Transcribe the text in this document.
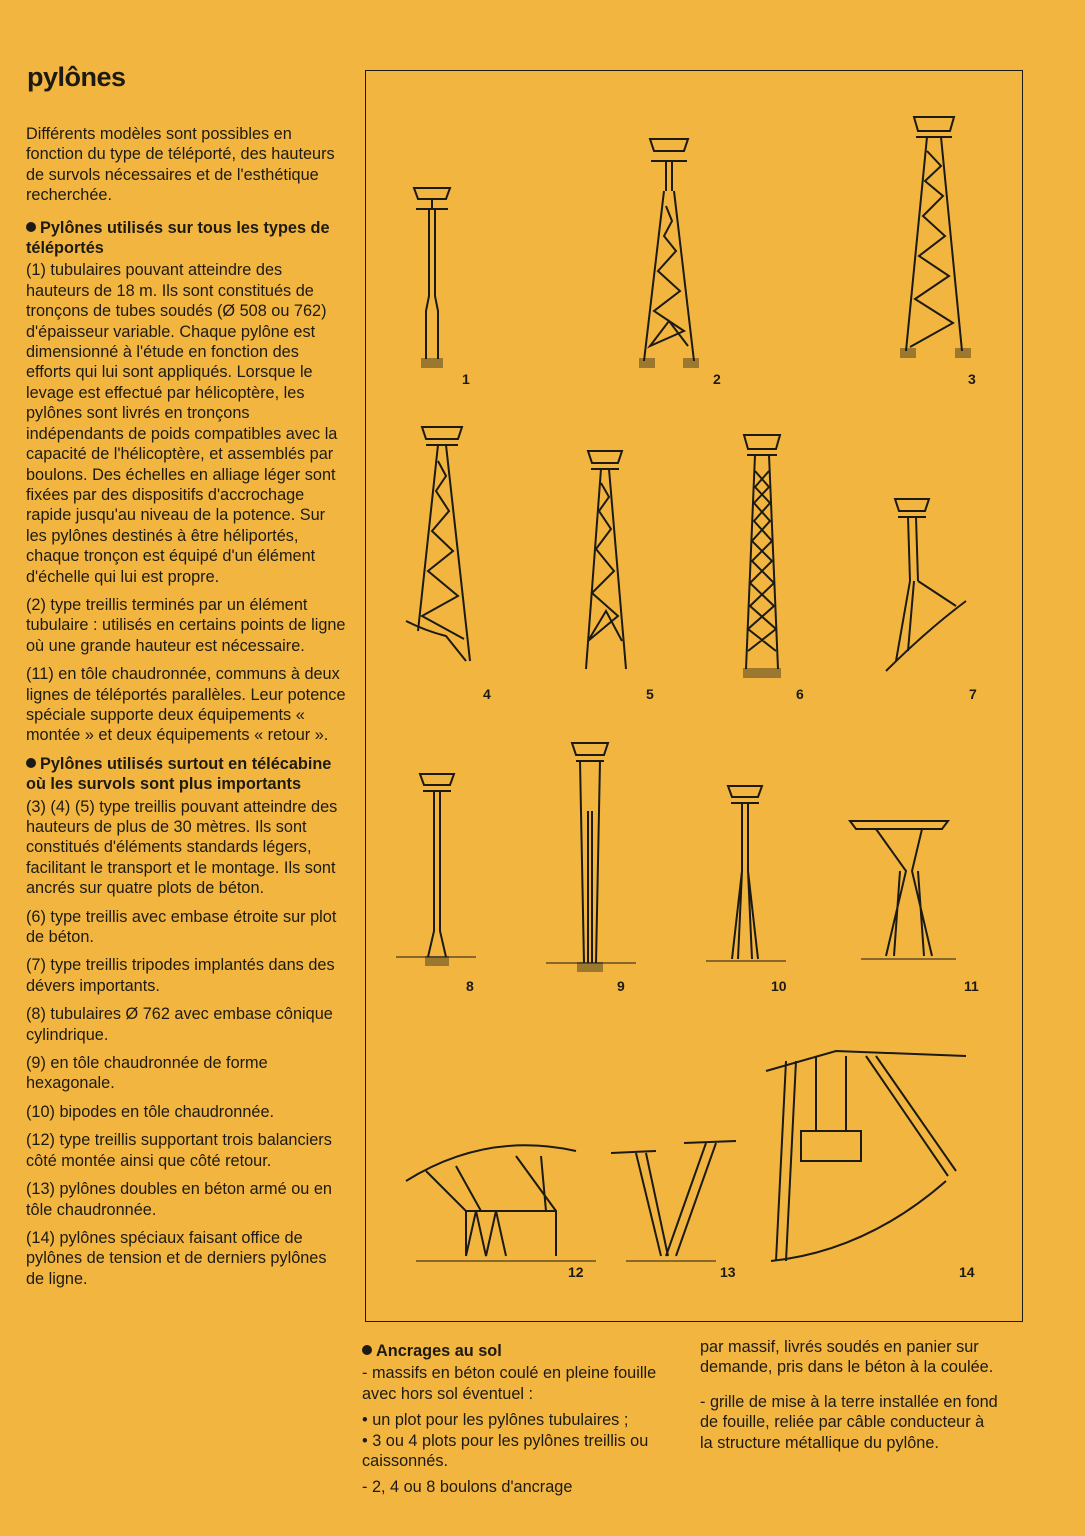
pylônes

Différents modèles sont possibles en fonction du type de téléporté, des hauteurs de survols nécessaires et de l'esthétique recherchée.

Pylônes utilisés sur tous les types de téléportés

(1) tubulaires pouvant atteindre des hauteurs de 18 m. Ils sont constitués de tronçons de tubes soudés (Ø 508 ou 762) d'épaisseur variable. Chaque pylône est dimensionné à l'étude en fonction des efforts qui lui sont appliqués. Lorsque le levage est effectué par hélicoptère, les pylônes sont livrés en tronçons indépendants de poids compatibles avec la capacité de l'hélicoptère, et assemblés par boulons. Des échelles en alliage léger sont fixées par des dispositifs d'accrochage rapide jusqu'au niveau de la potence. Sur les pylônes destinés à être héliportés, chaque tronçon est équipé d'un élément d'échelle qui lui est propre.

(2) type treillis terminés par un élément tubulaire : utilisés en certains points de ligne où une grande hauteur est nécessaire.

(11) en tôle chaudronnée, communs à deux lignes de téléportés parallèles. Leur potence spéciale supporte deux équipements « montée » et deux équipements « retour ».

Pylônes utilisés surtout en télécabine où les survols sont plus importants

(3) (4) (5) type treillis pouvant atteindre des hauteurs de plus de 30 mètres. Ils sont constitués d'éléments standards légers, facilitant le transport et le montage. Ils sont ancrés sur quatre plots de béton.

(6) type treillis avec embase étroite sur plot de béton.

(7) type treillis tripodes implantés dans des dévers importants.

(8) tubulaires Ø 762 avec embase cônique cylindrique.

(9) en tôle chaudronnée de forme hexagonale.

(10) bipodes en tôle chaudronnée.

(12) type treillis supportant trois balanciers côté montée ainsi que côté retour.

(13) pylônes doubles en béton armé ou en tôle chaudronnée.

(14) pylônes spéciaux faisant office de pylônes de tension et de derniers pylônes de ligne.

1	2	3
4	5	6	7
8	9	10	11
12	13	14
Ancrages au sol

- massifs en béton coulé en pleine fouille avec hors sol éventuel :

• un plot pour les pylônes tubulaires ;

• 3 ou 4 plots pour les pylônes treillis ou caissonnés.

- 2, 4 ou 8 boulons d'ancrage

par massif, livrés soudés en panier sur demande, pris dans le béton à la coulée.

- grille de mise à la terre installée en fond de fouille, reliée par câble conducteur à la structure métallique du pylône.
